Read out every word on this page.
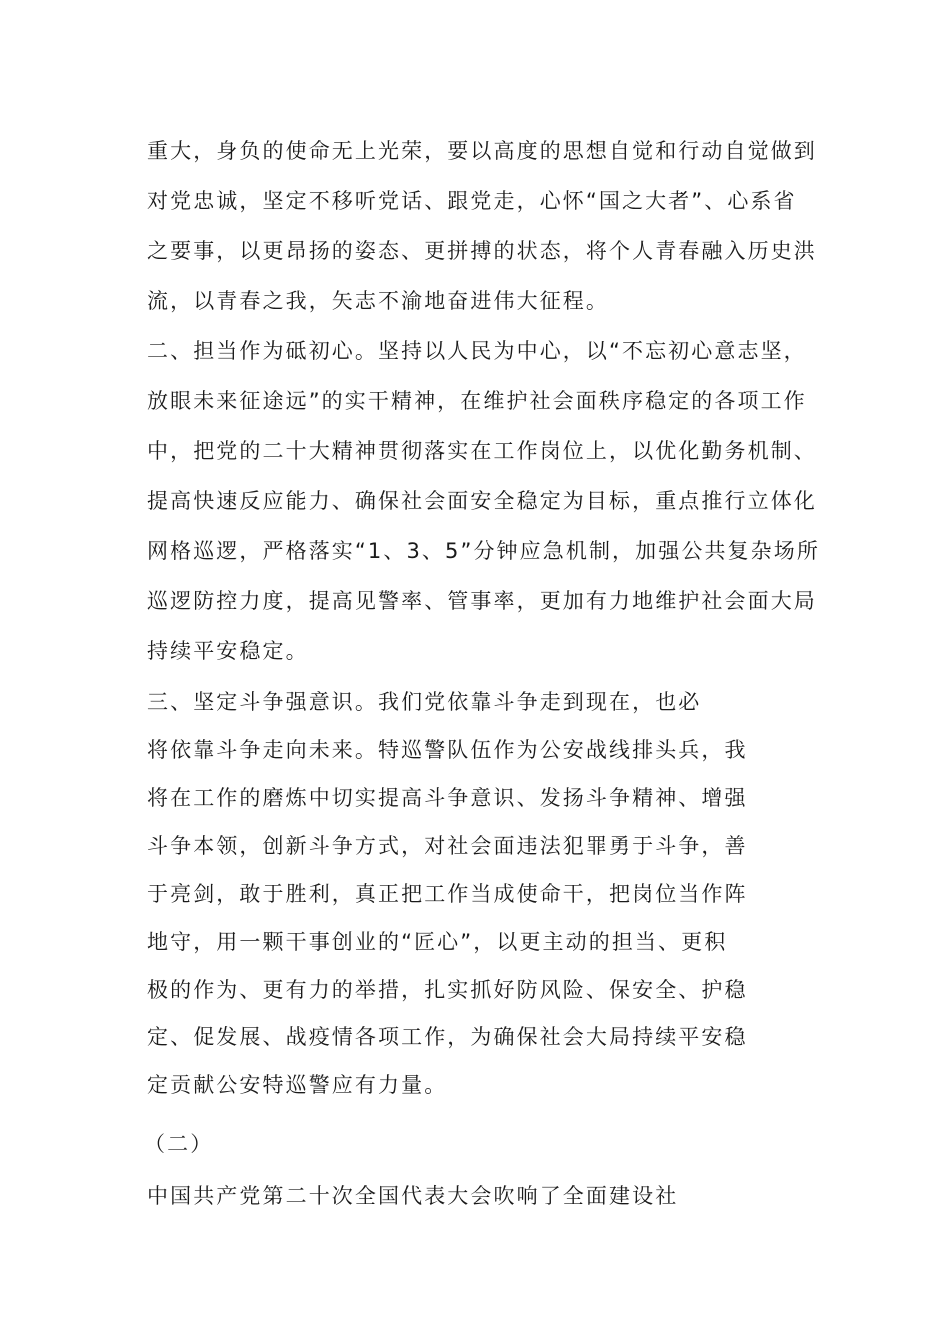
重大，身负的使命无上光荣，要以高度的思想自觉和行动自觉做到
对党忠诚，坚定不移听党话、跟党走，心怀“国之大者”、心系省
之要事，以更昂扬的姿态、更拼搏的状态，将个人青春融入历史洪
流，以青春之我，矢志不渝地奋进伟大征程。
二、担当作为砥初心。坚持以人民为中心，以“不忘初心意志坚，
放眼未来征途远”的实干精神，在维护社会面秩序稳定的各项工作
中，把党的二十大精神贯彻落实在工作岗位上，以优化勤务机制、
提高快速反应能力、确保社会面安全稳定为目标，重点推行立体化
网格巡逻，严格落实“1、3、5”分钟应急机制，加强公共复杂场所
巡逻防控力度，提高见警率、管事率，更加有力地维护社会面大局
持续平安稳定。
三、坚定斗争强意识。我们党依靠斗争走到现在，也必
将依靠斗争走向未来。特巡警队伍作为公安战线排头兵，我
将在工作的磨炼中切实提高斗争意识、发扬斗争精神、增强
斗争本领，创新斗争方式，对社会面违法犯罪勇于斗争，善
于亮剑，敢于胜利，真正把工作当成使命干，把岗位当作阵
地守，用一颗干事创业的“匠心”，以更主动的担当、更积
极的作为、更有力的举措，扎实抓好防风险、保安全、护稳
定、促发展、战疫情各项工作，为确保社会大局持续平安稳
定贡献公安特巡警应有力量。
（二）
中国共产党第二十次全国代表大会吹响了全面建设社
